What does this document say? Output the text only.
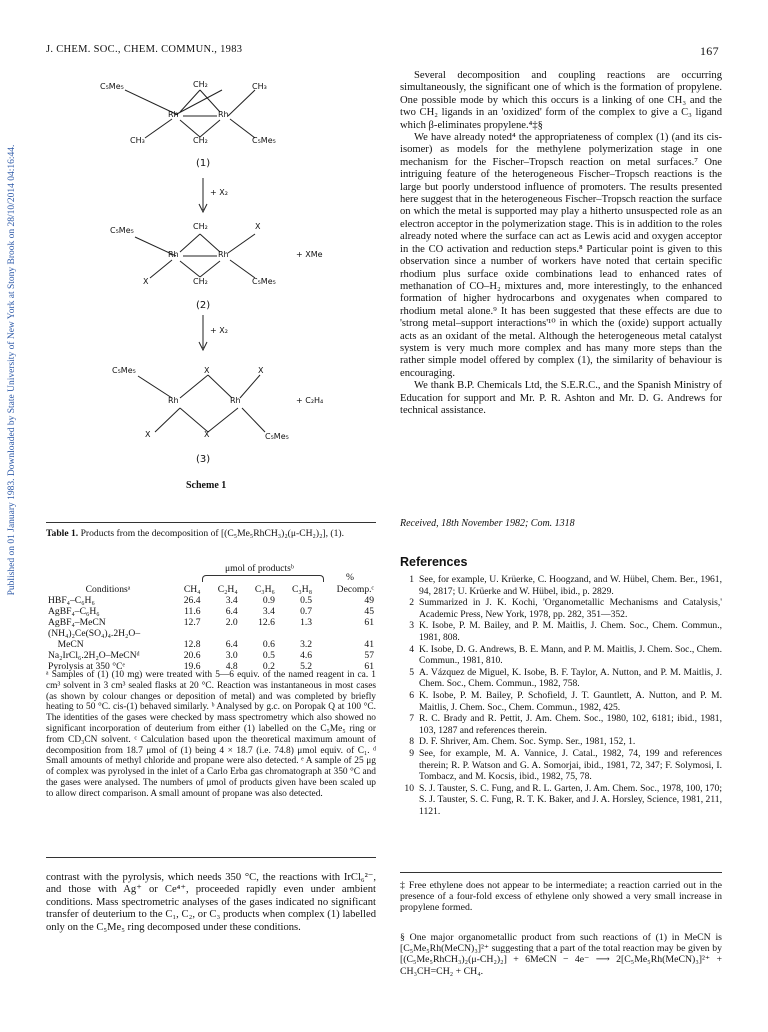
J. CHEM. SOC., CHEM. COMMUN., 1983	167
Published on 01 January 1983. Downloaded by State University of New York at Stony Brook on 28/10/2014 04:16:44.
C₅Me₅	CH₂	CH₃
Rh	Rh
CH₃	CH₂	C₅Me₅
(1)
+ X₂
C₅Me₅	CH₂	X
Rh	Rh	+ XMe
X	CH₂	C₅Me₅
(2)
+ X₂
C₅Me₅	X	X
Rh	Rh	+ C₂H₄
X	X	C₅Me₅
(3)
Scheme 1
Table 1. Products from the decomposition of [(C₅Me₅RhCH₃)₂(μ-CH₂)₂], (1).
μmol of productsᵇ
%
Conditionsᵃ	CH₄	C₂H₄	C₃H₆	C₃H₈	Decomp.ᶜ
HBF₄–C₆H₆	26.4	3.4	0.9	0.5	49
AgBF₄–C₆H₆	11.6	6.4	3.4	0.7	45
AgBF₄–MeCN	12.7	2.0	12.6	1.3	61
(NH₄)₂Ce(SO₄)₄.2H₂O–					
MeCN	12.8	6.4	0.6	3.2	41
Na₂IrCl₆.2H₂O–MeCNᵈ	20.6	3.0	0.5	4.6	57
Pyrolysis at 350 °Cᵉ	19.6	4.8	0.2	5.2	61
ᵃ Samples of (1) (10 mg) were treated with 5—6 equiv. of the named reagent in ca. 1 cm³ solvent in 3 cm³ sealed flasks at 20 °C. Reaction was instantaneous in most cases (as shown by colour changes or deposition of metal) and was completed by briefly heating to 50 °C. cis-(1) behaved similarly. ᵇ Analysed by g.c. on Poropak Q at 100 °C. The identities of the gases were checked by mass spectrometry which also showed no significant incorporation of deuterium from either (1) labelled on the C₅Me₅ ring or from CD₃CN solvent. ᶜ Calculation based upon the theoretical maximum amount of decomposition from 18.7 μmol of (1) being 4 × 18.7 (i.e. 74.8) μmol equiv. of C₁. ᵈ Small amounts of methyl chloride and propane were also detected. ᵉ A sample of 25 μg of complex was pyrolysed in the inlet of a Carlo Erba gas chromatograph at 350 °C and the gases were analysed. The numbers of μmol of products given have been scaled up to allow direct comparison. A small amount of propane was also detected.
contrast with the pyrolysis, which needs 350 °C, the reactions with IrCl₆²⁻, and those with Ag⁺ or Ce⁴⁺, proceeded rapidly even under ambient conditions. Mass spectrometric analyses of the gases indicated no significant transfer of deuterium to the C₁, C₂, or C₃ products when complex (1) labelled only on the C₅Me₅ ring decomposed under these conditions.

Several decomposition and coupling reactions are occurring simultaneously, the significant one of which is the formation of propylene. One possible mode by which this occurs is a linking of one CH₃ and the two CH₂ ligands in an 'oxidized' form of the complex to give a C₃ ligand which β-eliminates propylene.⁴‡§

We have already noted⁴ the appropriateness of complex (1) (and its cis-isomer) as models for the methylene polymerization stage in one mechanism for the Fischer–Tropsch reaction on metal surfaces.⁷ One intriguing feature of the heterogeneous Fischer–Tropsch reactions is the large but poorly understood influence of promoters. The results presented here suggest that in the heterogeneous Fischer–Tropsch reaction the surface on which the metal is supported may play a hitherto unsuspected role as an electron acceptor in the polymerization stage. This is in addition to the roles already noted where the surface can act as Lewis acid and oxygen acceptor in the CO activation and reduction steps.⁸ Particular point is given to this observation since a number of workers have noted that certain specific rhodium plus surface oxide combinations lead to enhanced rates of methanation of CO–H₂ mixtures and, more interestingly, to the enhanced formation of higher hydrocarbons and oxygenates when compared to rhodium metal alone.⁹ It has been suggested that these effects are due to 'strong metal–support interactions'¹⁰ in which the (oxide) support actually acts as an oxidant of the metal. Although the heterogeneous metal catalyst system is very much more complex and has many more steps than the rather simple model offered by complex (1), the similarity of behaviour is encouraging.

We thank B.P. Chemicals Ltd, the S.E.R.C., and the Spanish Ministry of Education for support and Mr. P. R. Ashton and Mr. D. G. Andrews for technical assistance.

Received, 18th November 1982; Com. 1318
References
1 See, for example, U. Krüerke, C. Hoogzand, and W. Hübel, Chem. Ber., 1961, 94, 2817; U. Krüerke and W. Hübel, ibid., p. 2829.
2 Summarized in J. K. Kochi, 'Organometallic Mechanisms and Catalysis,' Academic Press, New York, 1978, pp. 282, 351—352.
3 K. Isobe, P. M. Bailey, and P. M. Maitlis, J. Chem. Soc., Chem. Commun., 1981, 808.
4 K. Isobe, D. G. Andrews, B. E. Mann, and P. M. Maitlis, J. Chem. Soc., Chem. Commun., 1981, 810.
5 A. Vázquez de Miguel, K. Isobe, B. F. Taylor, A. Nutton, and P. M. Maitlis, J. Chem. Soc., Chem. Commun., 1982, 758.
6 K. Isobe, P. M. Bailey, P. Schofield, J. T. Gauntlett, A. Nutton, and P. M. Maitlis, J. Chem. Soc., Chem. Commun., 1982, 425.
7 R. C. Brady and R. Pettit, J. Am. Chem. Soc., 1980, 102, 6181; ibid., 1981, 103, 1287 and references therein.
8 D. F. Shriver, Am. Chem. Soc. Symp. Ser., 1981, 152, 1.
9 See, for example, M. A. Vannice, J. Catal., 1982, 74, 199 and references therein; R. P. Watson and G. A. Somorjai, ibid., 1981, 72, 347; F. Solymosi, I. Tombacz, and M. Kocsis, ibid., 1982, 75, 78.
10 S. J. Tauster, S. C. Fung, and R. L. Garten, J. Am. Chem. Soc., 1978, 100, 170; S. J. Tauster, S. C. Fung, R. T. K. Baker, and J. A. Horsley, Science, 1981, 211, 1121.
‡ Free ethylene does not appear to be intermediate; a reaction carried out in the presence of a four-fold excess of ethylene only showed a very small increase in propylene formed.
§ One major organometallic product from such reactions of (1) in MeCN is [C₅Me₅Rh(MeCN)₃]²⁺ suggesting that a part of the total reaction may be given by [(C₅Me₅RhCH₃)₂(μ-CH₂)₂] + 6MeCN − 4e⁻ ⟶ 2[C₅Me₅Rh(MeCN)₃]²⁺ + CH₃CH=CH₂ + CH₄.
